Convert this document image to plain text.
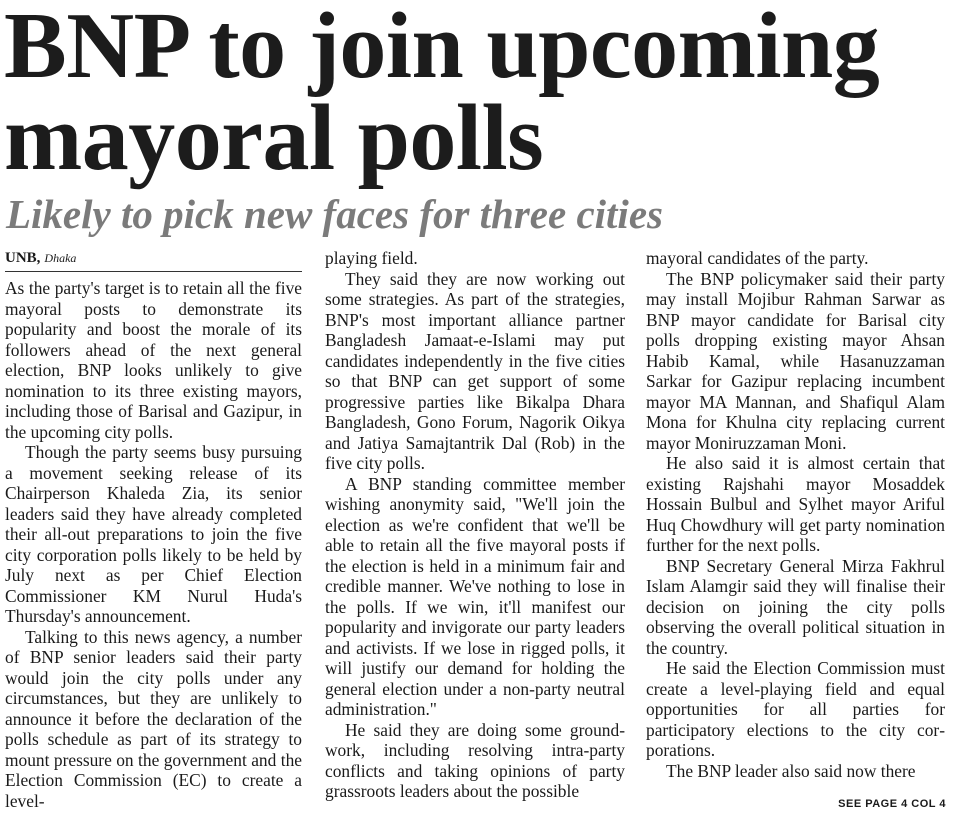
BNP to join upcoming
mayoral polls
Likely to pick new faces for three cities
UNB, Dhaka

As the party's target is to retain all the five mayoral posts to demonstrate its popularity and boost the morale of its followers ahead of the next general election, BNP looks unlikely to give nomination to its three existing mayors, including those of Barisal and Gazipur, in the upcoming city polls.

Though the party seems busy pursuing a movement seeking release of its Chairperson Khaleda Zia, its senior leaders said they have already completed their all-out preparations to join the five city corporation polls likely to be held by July next as per Chief Election Commissioner KM Nurul Huda's Thursday's announcement.

Talking to this news agency, a number of BNP senior leaders said their party would join the city polls under any circumstances, but they are unlikely to announce it before the declaration of the polls schedule as part of its strategy to mount pressure on the government and the Election Commission (EC) to create a level-

playing field.

They said they are now working out some strategies. As part of the strategies, BNP's most important alliance partner Bangladesh Jamaat-e-Islami may put candidates independently in the five cities so that BNP can get support of some progressive parties like Bikalpa Dhara Bangladesh, Gono Forum, Nagorik Oikya and Jatiya Samajtantrik Dal (Rob) in the five city polls.

A BNP standing committee member wishing anonymity said, "We'll join the election as we're confident that we'll be able to retain all the five mayoral posts if the election is held in a minimum fair and credible manner. We've nothing to lose in the polls. If we win, it'll manifest our popularity and invigorate our party leaders and activists. If we lose in rigged polls, it will justify our demand for holding the general election under a non-party neutral administration."

He said they are doing some groundwork, including resolving intra-party conflicts and taking opinions of party grassroots leaders about the possible

mayoral candidates of the party.

The BNP policymaker said their party may install Mojibur Rahman Sarwar as BNP mayor candidate for Barisal city polls dropping existing mayor Ahsan Habib Kamal, while Hasanuzzaman Sarkar for Gazipur replacing incumbent mayor MA Mannan, and Shafiqul Alam Mona for Khulna city replacing current mayor Moniruzzaman Moni.

He also said it is almost certain that existing Rajshahi mayor Mosaddek Hossain Bulbul and Sylhet mayor Ariful Huq Chowdhury will get party nomination further for the next polls.

BNP Secretary General Mirza Fakhrul Islam Alamgir said they will finalise their decision on joining the city polls observing the overall political situation in the country.

He said the Election Commission must create a level-playing field and equal opportunities for all parties for participatory elections to the city corporations.

The BNP leader also said now there

SEE PAGE 4 COL 4
